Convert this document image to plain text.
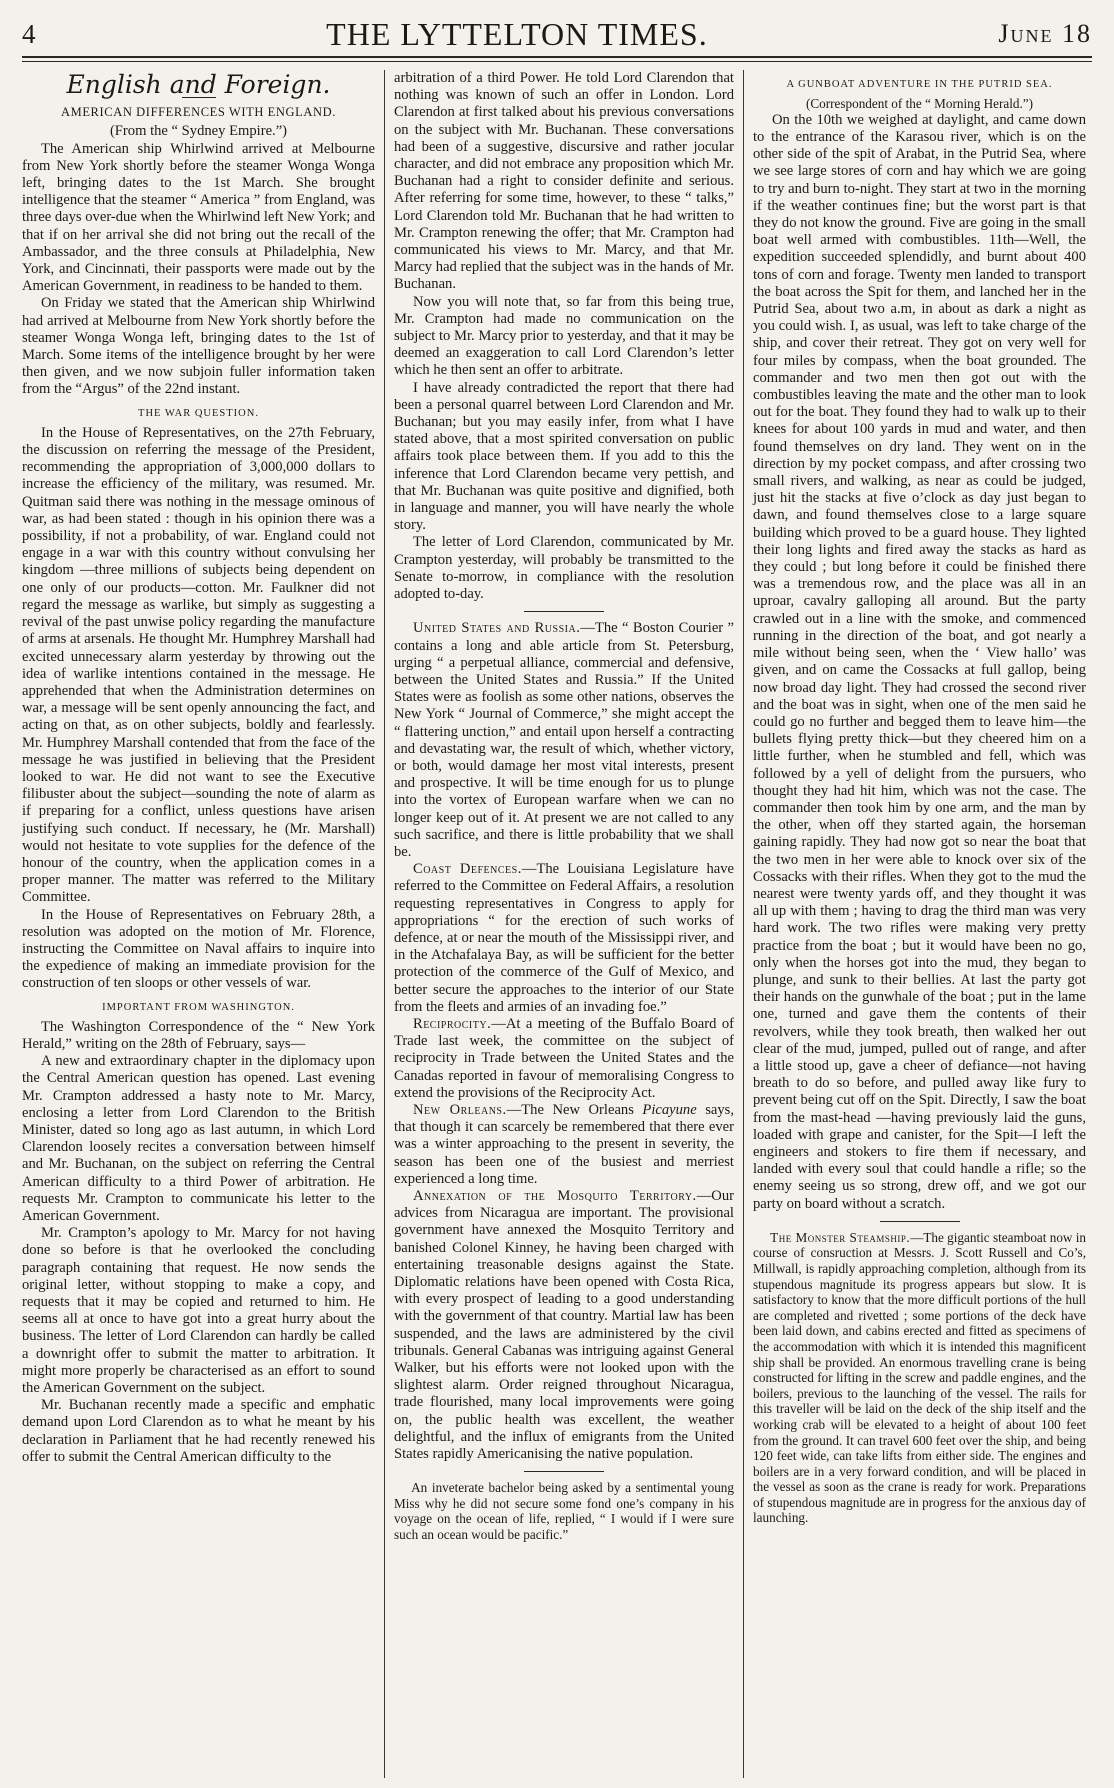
4	THE LYTTELTON TIMES.	June 18
English and Foreign.
AMERICAN DIFFERENCES WITH ENGLAND.

(From the “ Sydney Empire.”)

The American ship Whirlwind arrived at Melbourne from New York shortly before the steamer Wonga Wonga left, bringing dates to the 1st March. She brought intelligence that the steamer “ America ” from England, was three days over-due when the Whirlwind left New York; and that if on her arrival she did not bring out the recall of the Ambassador, and the three consuls at Philadelphia, New York, and Cincinnati, their passports were made out by the American Government, in readiness to be handed to them.

On Friday we stated that the American ship Whirlwind had arrived at Melbourne from New York shortly before the steamer Wonga Wonga left, bringing dates to the 1st of March. Some items of the intelligence brought by her were then given, and we now subjoin fuller information taken from the “Argus” of the 22nd instant.

THE WAR QUESTION.

In the House of Representatives, on the 27th February, the discussion on referring the message of the President, recommending the appropriation of 3,000,000 dollars to increase the efficiency of the military, was resumed. Mr. Quitman said there was nothing in the message ominous of war, as had been stated : though in his opinion there was a possibility, if not a probability, of war. England could not engage in a war with this country without convulsing her kingdom —three millions of subjects being dependent on one only of our products—cotton. Mr. Faulkner did not regard the message as warlike, but simply as suggesting a revival of the past unwise policy regarding the manufacture of arms at arsenals. He thought Mr. Humphrey Marshall had excited unnecessary alarm yesterday by throwing out the idea of warlike intentions contained in the message. He apprehended that when the Administration determines on war, a message will be sent openly announcing the fact, and acting on that, as on other subjects, boldly and fearlessly. Mr. Humphrey Marshall contended that from the face of the message he was justified in believing that the President looked to war. He did not want to see the Executive filibuster about the subject—sounding the note of alarm as if preparing for a conflict, unless questions have arisen justifying such conduct. If necessary, he (Mr. Marshall) would not hesitate to vote supplies for the defence of the honour of the country, when the application comes in a proper manner. The matter was referred to the Military Committee.

In the House of Representatives on February 28th, a resolution was adopted on the motion of Mr. Florence, instructing the Committee on Naval affairs to inquire into the expedience of making an immediate provision for the construction of ten sloops or other vessels of war.

IMPORTANT FROM WASHINGTON.

The Washington Correspondence of the “ New York Herald,” writing on the 28th of February, says—

A new and extraordinary chapter in the diplomacy upon the Central American question has opened. Last evening Mr. Crampton addressed a hasty note to Mr. Marcy, enclosing a letter from Lord Clarendon to the British Minister, dated so long ago as last autumn, in which Lord Clarendon loosely recites a conversation between himself and Mr. Buchanan, on the subject on referring the Central American difficulty to a third Power of arbitration. He requests Mr. Crampton to communicate his letter to the American Government.

Mr. Crampton’s apology to Mr. Marcy for not having done so before is that he overlooked the concluding paragraph containing that request. He now sends the original letter, without stopping to make a copy, and requests that it may be copied and returned to him. He seems all at once to have got into a great hurry about the business. The letter of Lord Clarendon can hardly be called a downright offer to submit the matter to arbitration. It might more properly be characterised as an effort to sound the American Government on the subject.

Mr. Buchanan recently made a specific and emphatic demand upon Lord Clarendon as to what he meant by his declaration in Parliament that he had recently renewed his offer to submit the Central American difficulty to the

arbitration of a third Power. He told Lord Clarendon that nothing was known of such an offer in London. Lord Clarendon at first talked about his previous conversations on the subject with Mr. Buchanan. These conversations had been of a suggestive, discursive and rather jocular character, and did not embrace any proposition which Mr. Buchanan had a right to consider definite and serious. After referring for some time, however, to these “ talks,” Lord Clarendon told Mr. Buchanan that he had written to Mr. Crampton renewing the offer; that Mr. Crampton had communicated his views to Mr. Marcy, and that Mr. Marcy had replied that the subject was in the hands of Mr. Buchanan.

Now you will note that, so far from this being true, Mr. Crampton had made no communication on the subject to Mr. Marcy prior to yesterday, and that it may be deemed an exaggeration to call Lord Clarendon’s letter which he then sent an offer to arbitrate.

I have already contradicted the report that there had been a personal quarrel between Lord Clarendon and Mr. Buchanan; but you may easily infer, from what I have stated above, that a most spirited conversation on public affairs took place between them. If you add to this the inference that Lord Clarendon became very pettish, and that Mr. Buchanan was quite positive and dignified, both in language and manner, you will have nearly the whole story.

The letter of Lord Clarendon, communicated by Mr. Crampton yesterday, will probably be transmitted to the Senate to-morrow, in compliance with the resolution adopted to-day.

United States and Russia.—The “ Boston Courier ” contains a long and able article from St. Petersburg, urging “ a perpetual alliance, commercial and defensive, between the United States and Russia.” If the United States were as foolish as some other nations, observes the New York “ Journal of Commerce,” she might accept the “ flattering unction,” and entail upon herself a contracting and devastating war, the result of which, whether victory, or both, would damage her most vital interests, present and prospective. It will be time enough for us to plunge into the vortex of European warfare when we can no longer keep out of it. At present we are not called to any such sacrifice, and there is little probability that we shall be.

Coast Defences.—The Louisiana Legislature have referred to the Committee on Federal Affairs, a resolution requesting representatives in Congress to apply for appropriations “ for the erection of such works of defence, at or near the mouth of the Mississippi river, and in the Atchafalaya Bay, as will be sufficient for the better protection of the commerce of the Gulf of Mexico, and better secure the approaches to the interior of our State from the fleets and armies of an invading foe.”

Reciprocity.—At a meeting of the Buffalo Board of Trade last week, the committee on the subject of reciprocity in Trade between the United States and the Canadas reported in favour of memoralising Congress to extend the provisions of the Reciprocity Act.

New Orleans.—The New Orleans Picayune says, that though it can scarcely be remembered that there ever was a winter approaching to the present in severity, the season has been one of the busiest and merriest experienced a long time.

Annexation of the Mosquito Territory.—Our advices from Nicaragua are important. The provisional government have annexed the Mosquito Territory and banished Colonel Kinney, he having been charged with entertaining treasonable designs against the State. Diplomatic relations have been opened with Costa Rica, with every prospect of leading to a good understanding with the government of that country. Martial law has been suspended, and the laws are administered by the civil tribunals. General Cabanas was intriguing against General Walker, but his efforts were not looked upon with the slightest alarm. Order reigned throughout Nicaragua, trade flourished, many local improvements were going on, the public health was excellent, the weather delightful, and the influx of emigrants from the United States rapidly Americanising the native population.

An inveterate bachelor being asked by a sentimental young Miss why he did not secure some fond one’s company in his voyage on the ocean of life, replied, “ I would if I were sure such an ocean would be pacific.”

A GUNBOAT ADVENTURE IN THE PUTRID SEA.

(Correspondent of the “ Morning Herald.”)

On the 10th we weighed at daylight, and came down to the entrance of the Karasou river, which is on the other side of the spit of Arabat, in the Putrid Sea, where we see large stores of corn and hay which we are going to try and burn to-night. They start at two in the morning if the weather continues fine; but the worst part is that they do not know the ground. Five are going in the small boat well armed with combustibles. 11th—Well, the expedition succeeded splendidly, and burnt about 400 tons of corn and forage. Twenty men landed to transport the boat across the Spit for them, and lanched her in the Putrid Sea, about two a.m, in about as dark a night as you could wish. I, as usual, was left to take charge of the ship, and cover their retreat. They got on very well for four miles by compass, when the boat grounded. The commander and two men then got out with the combustibles leaving the mate and the other man to look out for the boat. They found they had to walk up to their knees for about 100 yards in mud and water, and then found themselves on dry land. They went on in the direction by my pocket compass, and after crossing two small rivers, and walking, as near as could be judged, just hit the stacks at five o’clock as day just began to dawn, and found themselves close to a large square building which proved to be a guard house. They lighted their long lights and fired away the stacks as hard as they could ; but long before it could be finished there was a tremendous row, and the place was all in an uproar, cavalry galloping all around. But the party crawled out in a line with the smoke, and commenced running in the direction of the boat, and got nearly a mile without being seen, when the ‘ View hallo’ was given, and on came the Cossacks at full gallop, being now broad day light. They had crossed the second river and the boat was in sight, when one of the men said he could go no further and begged them to leave him—the bullets flying pretty thick—but they cheered him on a little further, when he stumbled and fell, which was followed by a yell of delight from the pursuers, who thought they had hit him, which was not the case. The commander then took him by one arm, and the man by the other, when off they started again, the horseman gaining rapidly. They had now got so near the boat that the two men in her were able to knock over six of the Cossacks with their rifles. When they got to the mud the nearest were twenty yards off, and they thought it was all up with them ; having to drag the third man was very hard work. The two rifles were making very pretty practice from the boat ; but it would have been no go, only when the horses got into the mud, they began to plunge, and sunk to their bellies. At last the party got their hands on the gunwhale of the boat ; put in the lame one, turned and gave them the contents of their revolvers, while they took breath, then walked her out clear of the mud, jumped, pulled out of range, and after a little stood up, gave a cheer of defiance—not having breath to do so before, and pulled away like fury to prevent being cut off on the Spit. Directly, I saw the boat from the mast-head —having previously laid the guns, loaded with grape and canister, for the Spit—I left the engineers and stokers to fire them if necessary, and landed with every soul that could handle a rifle; so the enemy seeing us so strong, drew off, and we got our party on board without a scratch.

The Monster Steamship.—The gigantic steamboat now in course of consruction at Messrs. J. Scott Russell and Co’s, Millwall, is rapidly approaching completion, although from its stupendous magnitude its progress appears but slow. It is satisfactory to know that the more difficult portions of the hull are completed and rivetted ; some portions of the deck have been laid down, and cabins erected and fitted as specimens of the accommodation with which it is intended this magnificent ship shall be provided. An enormous travelling crane is being constructed for lifting in the screw and paddle engines, and the boilers, previous to the launching of the vessel. The rails for this traveller will be laid on the deck of the ship itself and the working crab will be elevated to a height of about 100 feet from the ground. It can travel 600 feet over the ship, and being 120 feet wide, can take lifts from either side. The engines and boilers are in a very forward condition, and will be placed in the vessel as soon as the crane is ready for work. Preparations of stupendous magnitude are in progress for the anxious day of launching.
